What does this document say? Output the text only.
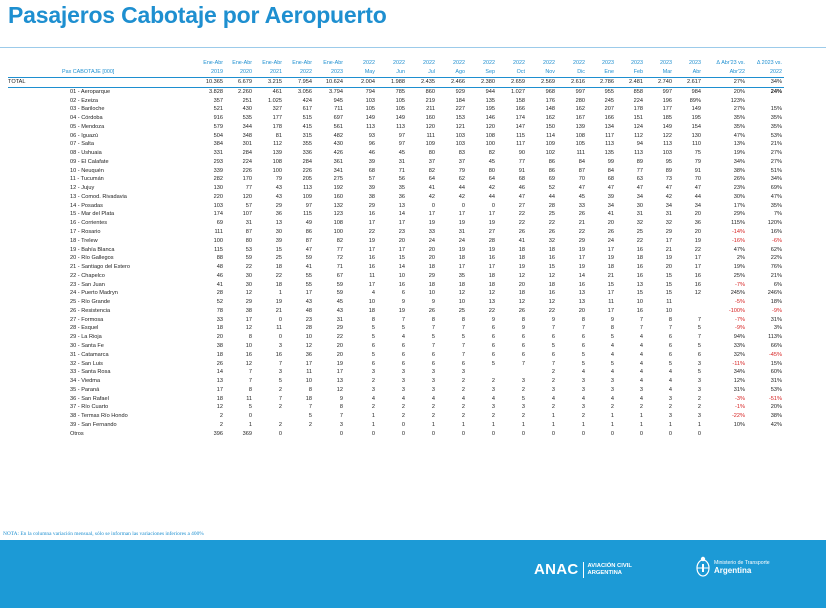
Pasajeros Cabotaje por Aeropuerto
	Ene-Abr	Ene-Abr	Ene-Abr	Ene-Abr	Ene-Abr	2022	2022	2022	2022	2022	2022	2022	2022	2023	2023	2023	2023	Δ Abr'23 vs.	Δ 2023 vs.
Pax CABOTAJE [000]	2019	2020	2021	2022	2023	May	Jun	Jul	Ago	Sep	Oct	Nov	Dic	Ene	Feb	Mar	Abr	Abr'22	2022
TOTAL	10.365	6.679	3.215	7.954	10.624	2.004	1.988	2.435	2.466	2.380	2.659	2.569	2.616	2.786	2.481	2.740	2.617	27%	34%
01 - Aeroparque	3.828	2.260	461	3.056	3.794	794	785	860	929	944	1.027	968	997	955	858	997	984	20%	24%
02 - Ezeiza	357	251	1.025	424	945	103	105	219	184	135	158	176	280	245	224	196	89%	123%	
03 - Bariloche	521	430	327	617	711	105	105	211	227	195	166	148	162	207	178	177	149	27%	15%
04 - Córdoba	916	535	177	515	697	149	149	160	153	146	174	162	167	166	151	185	195	35%	35%
05 - Mendoza	579	344	178	415	561	113	113	120	121	120	147	150	139	134	124	149	154	35%	35%
06 - Iguazú	504	348	81	315	482	93	97	111	103	108	115	114	108	117	112	122	130	47%	53%
07 - Salta	384	301	112	355	430	96	97	109	103	100	117	109	105	113	94	113	110	13%	21%
08 - Ushuaia	331	284	139	336	426	46	45	80	83	82	90	102	111	135	113	103	75	19%	27%
09 - El Calafate	293	224	108	284	361	39	31	37	37	45	77	86	84	99	89	95	79	34%	27%
10 - Neuquén	339	226	100	226	341	68	71	82	79	80	91	86	87	84	77	89	91	38%	51%
11 - Tucumán	282	170	79	205	275	57	56	64	62	64	68	69	70	68	63	73	70	26%	34%
12 - Jujuy	130	77	43	113	192	39	35	41	44	42	46	52	47	47	47	47	47	23%	69%
13 - Comod. Rivadavia	220	120	43	109	160	38	36	42	42	44	47	44	45	39	34	42	44	30%	47%
14 - Posadas	103	57	29	97	132	29	13	0	0	0	27	28	33	34	30	34	34	17%	35%
15 - Mar del Plata	174	107	36	115	123	16	14	17	17	17	22	25	26	41	31	31	20	29%	7%
16 - Corrientes	69	31	13	49	108	17	17	19	19	19	22	22	21	20	32	32	36	115%	120%
17 - Rosario	111	87	30	86	100	22	23	33	31	27	26	26	22	26	25	29	20	-14%	16%
18 - Trelew	100	80	39	87	82	19	20	24	24	28	41	32	29	24	22	17	19	-16%	-6%
19 - Bahía Blanca	115	53	15	47	77	17	17	20	19	19	18	18	19	17	16	21	22	47%	62%
20 - Río Gallegos	88	59	25	59	72	16	15	20	18	16	18	16	17	19	18	19	17	2%	22%
21 - Santiago del Estero	48	22	18	41	71	16	14	18	17	17	19	15	19	18	16	20	17	19%	76%
22 - Chapelco	46	30	22	55	67	11	10	29	35	18	12	12	14	21	16	15	16	25%	21%
23 - San Juan	41	30	18	55	59	17	16	18	18	18	20	18	16	15	13	15	16	-7%	6%
24 - Puerto Madryn	28	12	1	17	59	4	6	10	12	12	18	16	13	17	15	15	12	245%	246%
25 - Río Grande	52	29	19	43	45	10	9	9	10	13	12	12	13	11	10	11		-5%	18%
26 - Resistencia	78	38	21	48	43	18	19	26	25	22	26	22	20	17	16	10		-100%	-9%
27 - Formosa	33	17	0	23	31	8	7	8	8	9	8	9	8	9	7	8	7	-7%	31%
28 - Esquel	18	12	11	28	29	5	5	7	7	6	9	7	7	8	7	7	5	-9%	3%
29 - La Rioja	20	8	0	10	22	5	4	5	5	6	6	6	6	5	4	6	7	94%	113%
30 - Santa Fe	38	10	3	12	20	6	6	7	7	6	6	5	6	4	4	6	5	33%	66%
31 - Catamarca	18	16	16	36	20	5	6	6	7	6	6	6	5	4	4	6	6	32%	-45%
32 - San Luis	26	12	7	17	19	6	6	6	6	5	7	7	5	5	4	5	3	-11%	15%
33 - Santa Rosa	14	7	3	11	17	3	3	3	3			2	4	4	4	4	5	34%	60%
34 - Viedma	13	7	5	10	13	2	3	3	2	2	3	2	3	3	4	4	3	12%	31%
35 - Paraná	17	8	2	8	12	3	3	3	2	3	2	3	3	3	3	4	3	31%	53%
36 - San Rafael	18	11	7	18	9	4	4	4	4	4	5	4	4	4	4	3	2	-3%	-51%
37 - Río Cuarto	12	5	2	7	8	2	2	2	2	3	3	2	3	2	2	2	2	-1%	20%
38 - Termas Río Hondo	2	0		5	7	1	2	2	2	2	2	1	2	1	1	3	3	-22%	38%
39 - San Fernando	2	1	2	2	3	1	0	1	1	1	1	1	1	1	1	1	1	10%	42%
Otros	396	369	0		0	0	0	0	0	0	0	0	0	0	0	0	0		

NOTA: En la columna variación mensual, sólo se informan las variaciones inferiores a 400%

ANAC AVIACIÓN CIVIL
ARGENTINA
Ministerio de Transporte
Argentina
